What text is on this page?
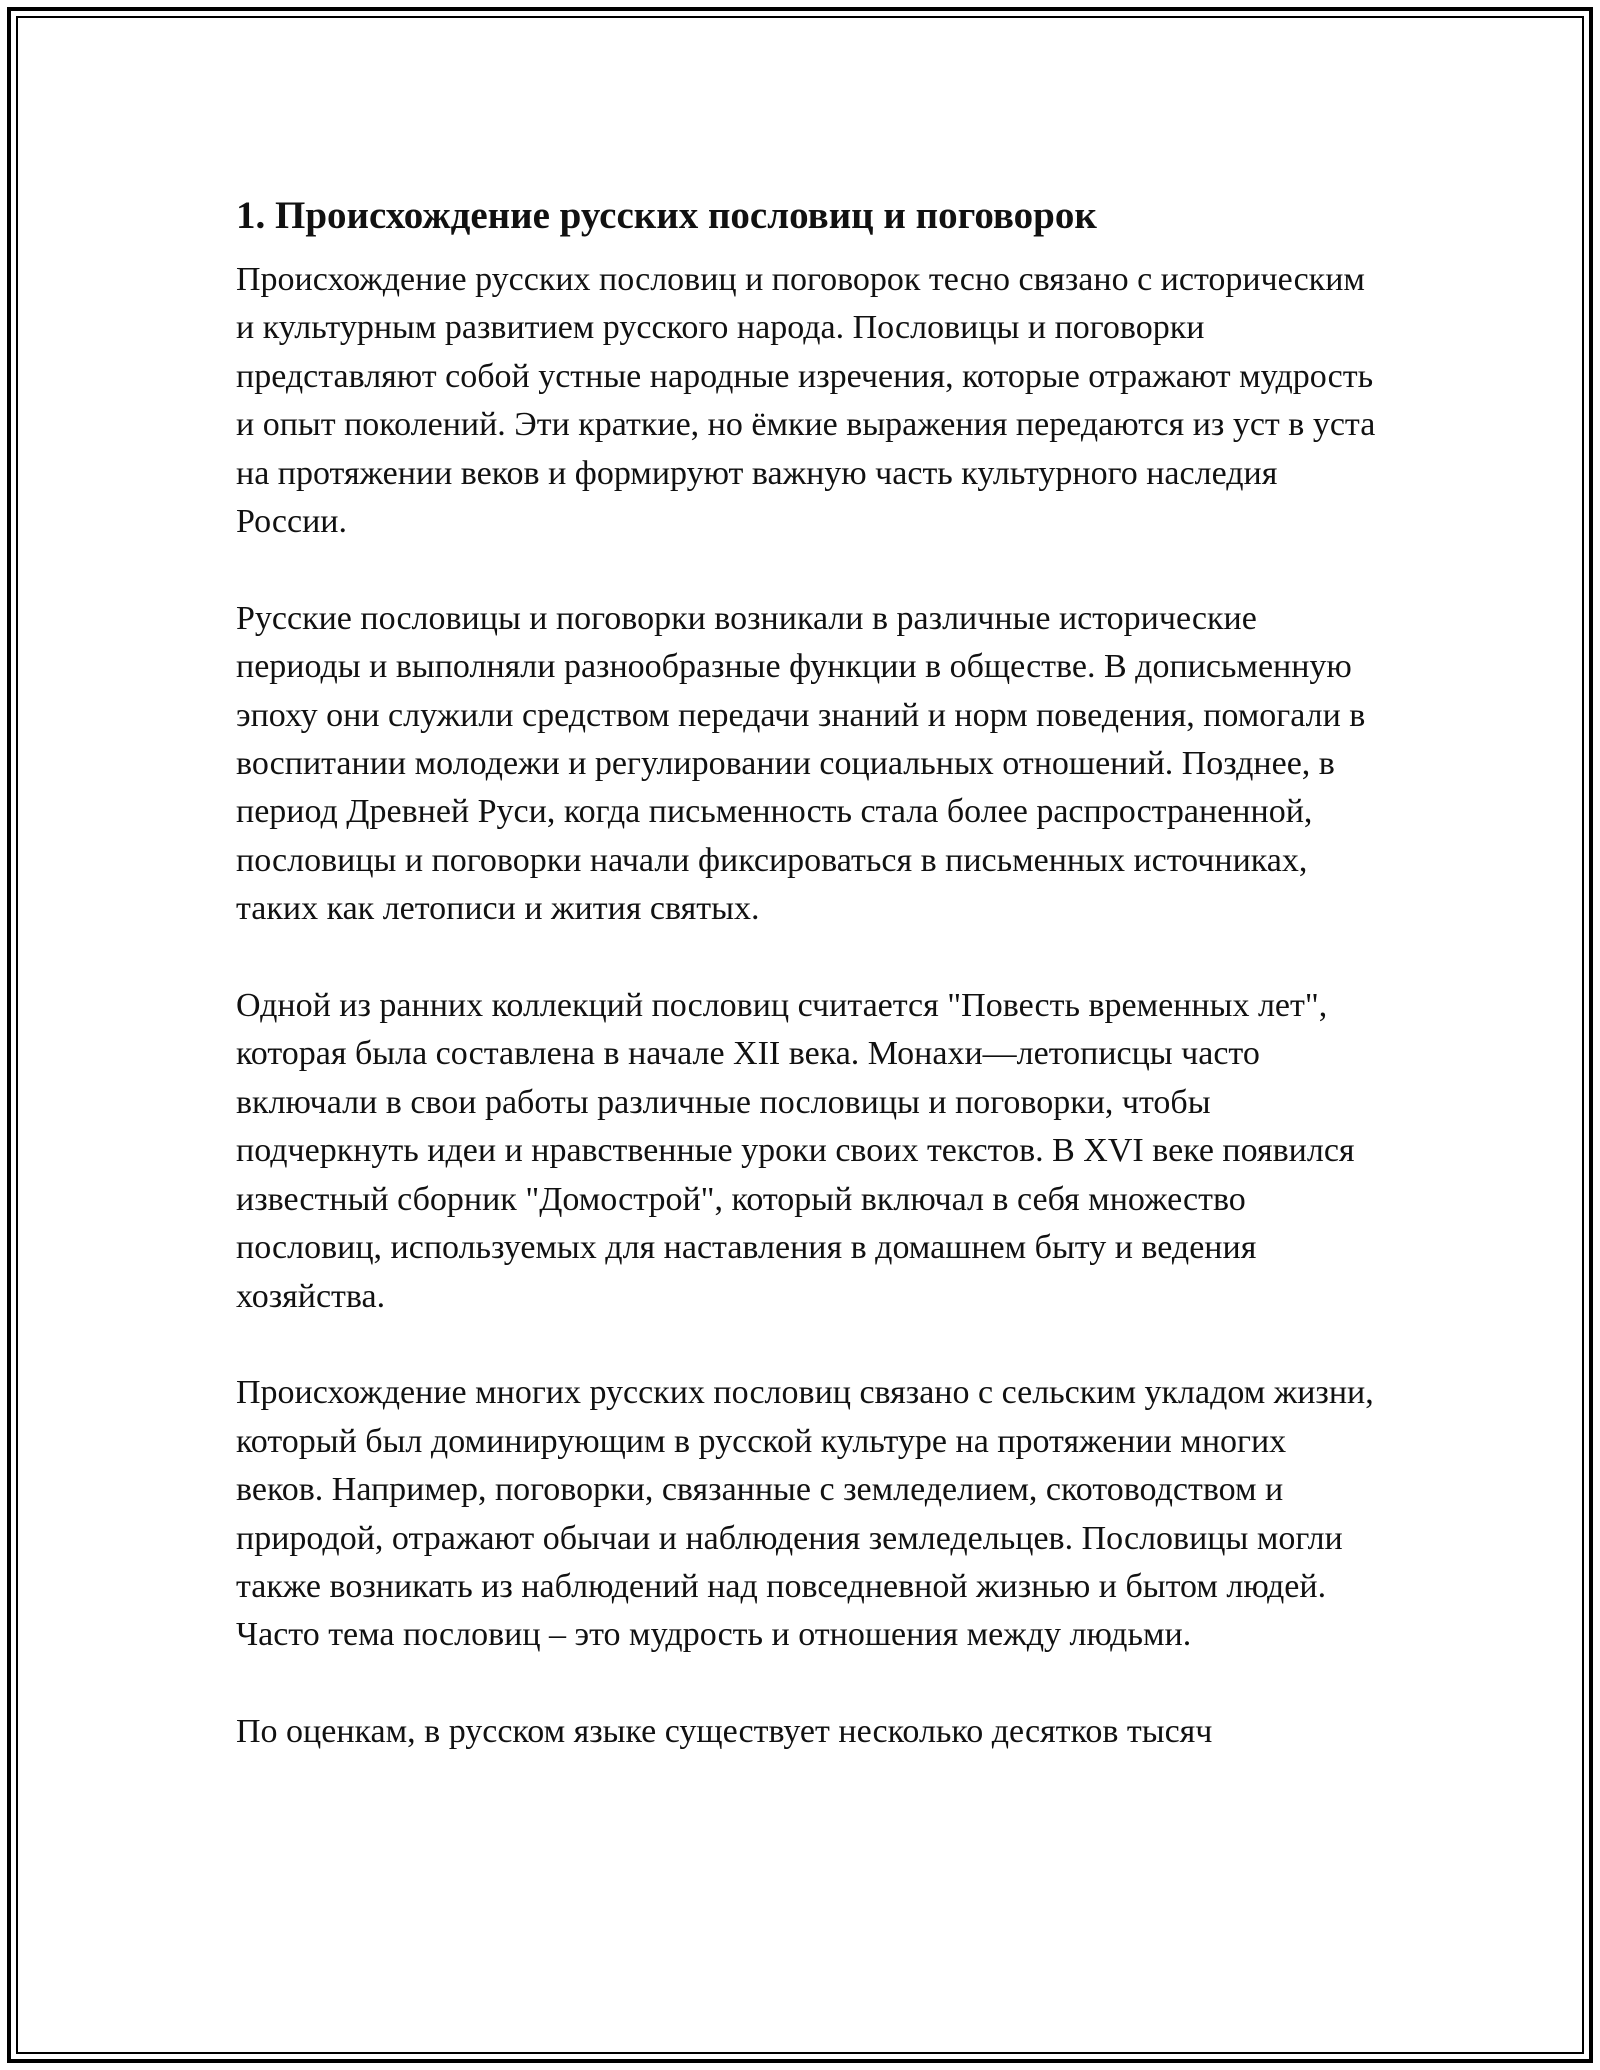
1. Происхождение русских пословиц и поговорок

Происхождение русских пословиц и поговорок тесно связано с историческим и культурным развитием русского народа. Пословицы и поговорки представляют собой устные народные изречения, которые отражают мудрость и опыт поколений. Эти краткие, но ёмкие выражения передаются из уст в уста на протяжении веков и формируют важную часть культурного наследия России.

Русские пословицы и поговорки возникали в различные исторические периоды и выполняли разнообразные функции в обществе. В дописьменную эпоху они служили средством передачи знаний и норм поведения, помогали в воспитании молодежи и регулировании социальных отношений. Позднее, в период Древней Руси, когда письменность стала более распространенной, пословицы и поговорки начали фиксироваться в письменных источниках, таких как летописи и жития святых.

Одной из ранних коллекций пословиц считается "Повесть временных лет", которая была составлена в начале XII века. Монахи—летописцы часто включали в свои работы различные пословицы и поговорки, чтобы подчеркнуть идеи и нравственные уроки своих текстов. В XVI веке появился известный сборник "Домострой", который включал в себя множество пословиц, используемых для наставления в домашнем быту и ведения хозяйства.

Происхождение многих русских пословиц связано с сельским укладом жизни, который был доминирующим в русской культуре на протяжении многих веков. Например, поговорки, связанные с земледелием, скотоводством и природой, отражают обычаи и наблюдения земледельцев. Пословицы могли также возникать из наблюдений над повседневной жизнью и бытом людей. Часто тема пословиц – это мудрость и отношения между людьми.

По оценкам, в русском языке существует несколько десятков тысяч
